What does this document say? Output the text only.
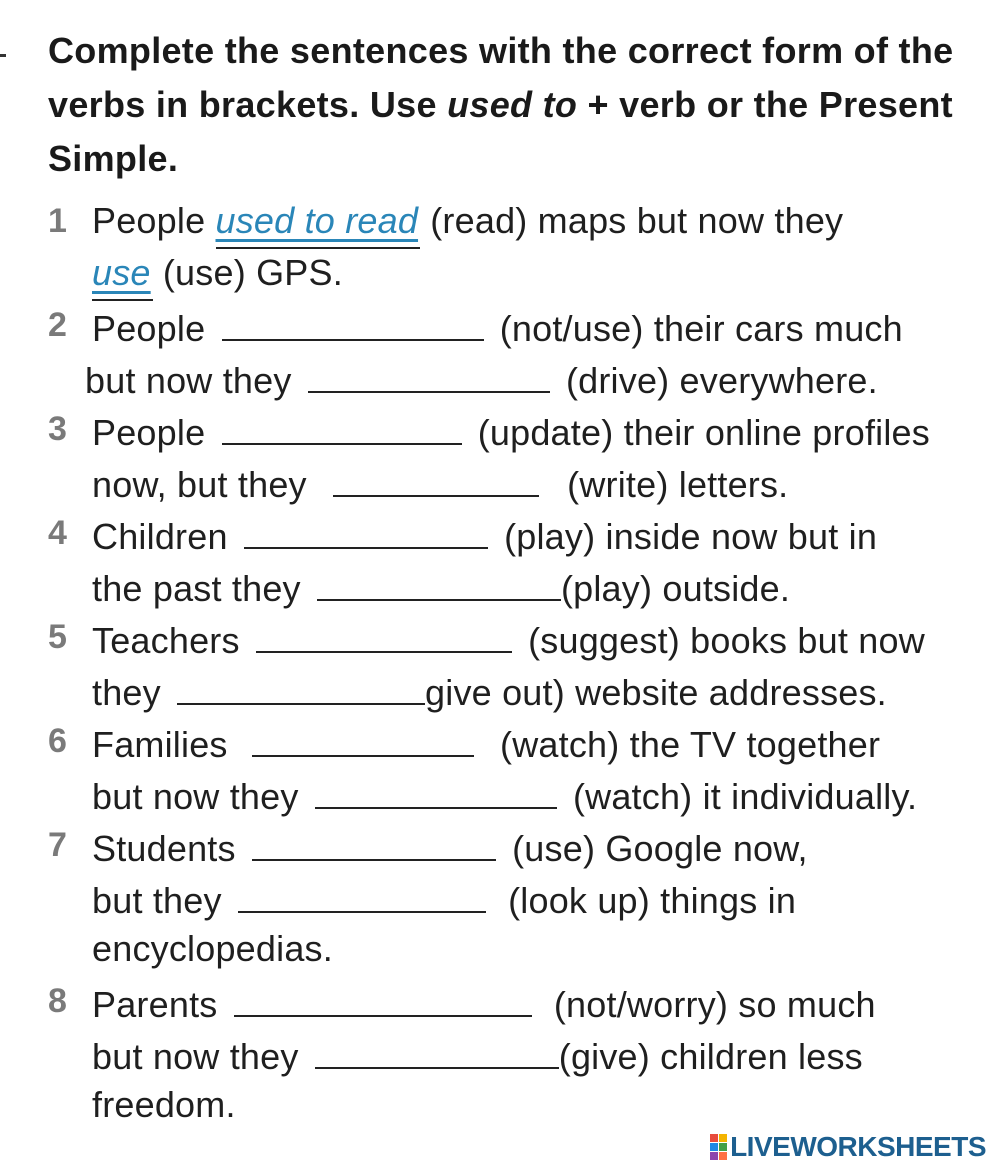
Complete the sentences with the correct form of the verbs in brackets. Use used to + verb or the Present Simple.

1 People used to read (read) maps but now they
use (use) GPS.
2 People	(not/use) their cars much
but now they	(drive) everywhere.
3 People	(update) their online profiles
now, but they	(write) letters.
4 Children	(play) inside now but in
the past they	(play) outside.
5 Teachers	(suggest) books but now
they	give out) website addresses.
6 Families	(watch) the TV together
but now they	(watch) it individually.
7 Students	(use) Google now,
but they	(look up) things in
encyclopedias.
8 Parents	(not/worry) so much
but now they	(give) children less
freedom.
LIVEWORKSHEETS
